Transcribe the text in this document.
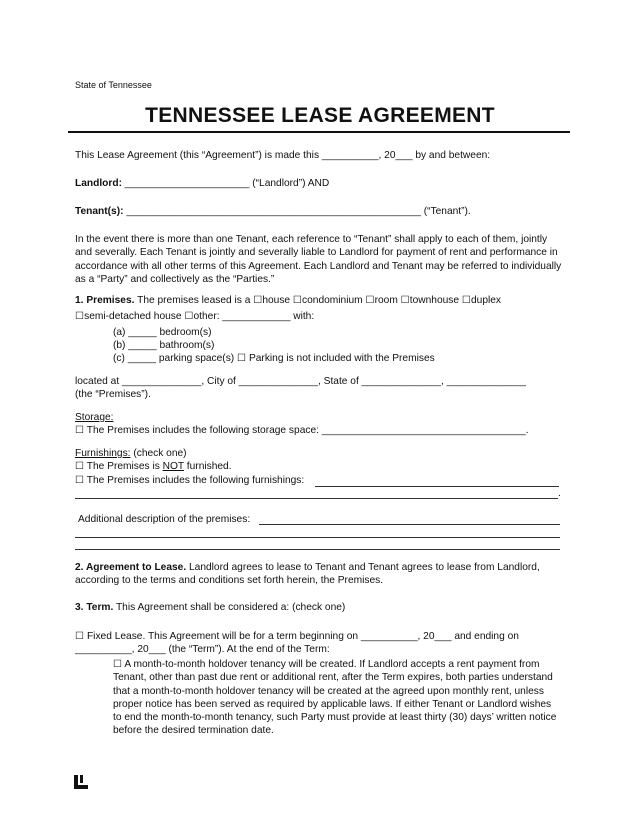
State of Tennessee
TENNESSEE LEASE AGREEMENT
This Lease Agreement (this “Agreement”) is made this __________, 20___ by and between:
Landlord: ______________________ (“Landlord”) AND
Tenant(s): ____________________________________________________ (“Tenant”).
In the event there is more than one Tenant, each reference to “Tenant” shall apply to each of them, jointly and severally. Each Tenant is jointly and severally liable to Landlord for payment of rent and performance in accordance with all other terms of this Agreement. Each Landlord and Tenant may be referred to individually as a “Party” and collectively as the “Parties.”
1. Premises. The premises leased is a ☐house ☐condominium ☐room ☐townhouse ☐duplex
☐semi-detached house ☐other: ____________ with:
(a) _____ bedroom(s)
(b) _____ bathroom(s)
(c) _____ parking space(s) ☐ Parking is not included with the Premises
located at ______________, City of ______________, State of ______________, ______________
(the “Premises”).
Storage:
☐ The Premises includes the following storage space: ____________________________________.
Furnishings: (check one)
☐ The Premises is NOT furnished.
☐ The Premises includes the following furnishings:
.
Additional description of the premises:
2. Agreement to Lease. Landlord agrees to lease to Tenant and Tenant agrees to lease from Landlord, according to the terms and conditions set forth herein, the Premises.
3. Term. This Agreement shall be considered a: (check one)
☐ Fixed Lease. This Agreement will be for a term beginning on __________, 20___ and ending on
__________, 20___ (the “Term”). At the end of the Term:
☐ A month-to-month holdover tenancy will be created. If Landlord accepts a rent payment from Tenant, other than past due rent or additional rent, after the Term expires, both parties understand that a month-to-month holdover tenancy will be created at the agreed upon monthly rent, unless proper notice has been served as required by applicable laws. If either Tenant or Landlord wishes to end the month-to-month tenancy, such Party must provide at least thirty (30) days’ written notice before the desired termination date.
